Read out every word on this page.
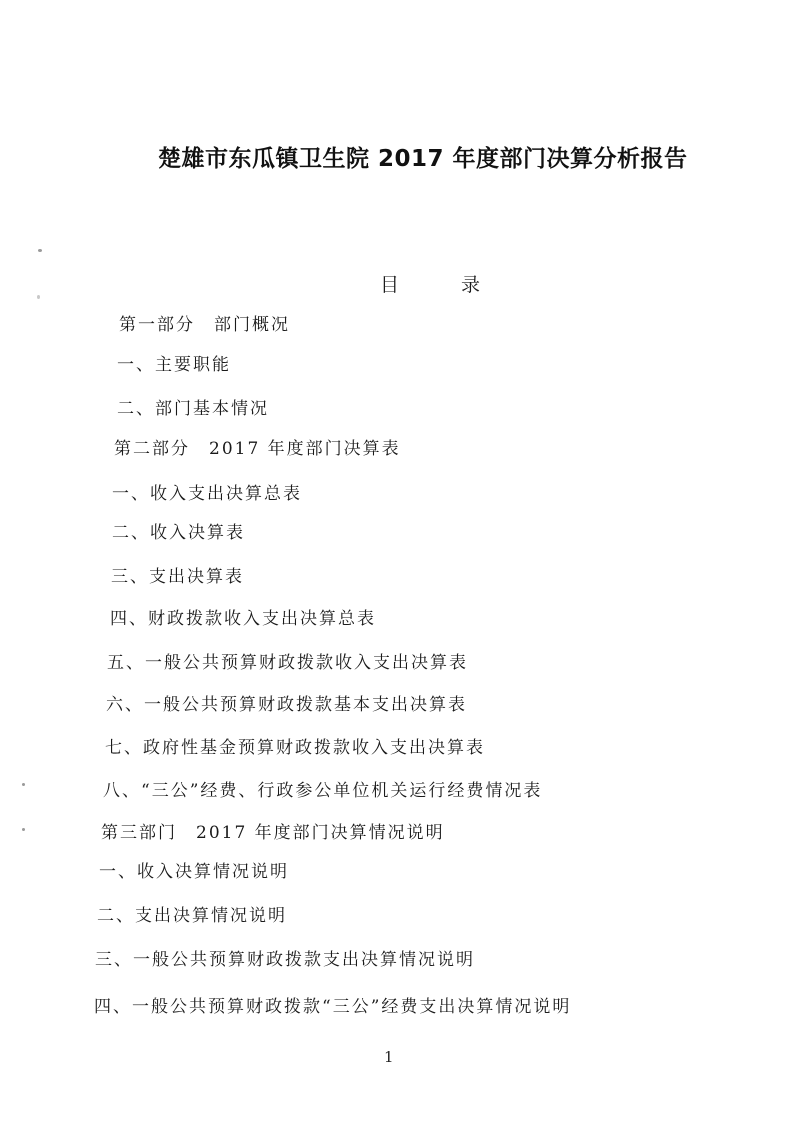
楚雄市东瓜镇卫生院 2017 年度部门决算分析报告
目 录
第一部分　部门概况
一、主要职能
二、部门基本情况
第二部分　2017 年度部门决算表
一、收入支出决算总表
二、收入决算表
三、支出决算表
四、财政拨款收入支出决算总表
五、一般公共预算财政拨款收入支出决算表
六、一般公共预算财政拨款基本支出决算表
七、政府性基金预算财政拨款收入支出决算表
八、“三公”经费、行政参公单位机关运行经费情况表
第三部门　2017 年度部门决算情况说明
一、收入决算情况说明
二、支出决算情况说明
三、一般公共预算财政拨款支出决算情况说明
四、一般公共预算财政拨款“三公”经费支出决算情况说明
1
